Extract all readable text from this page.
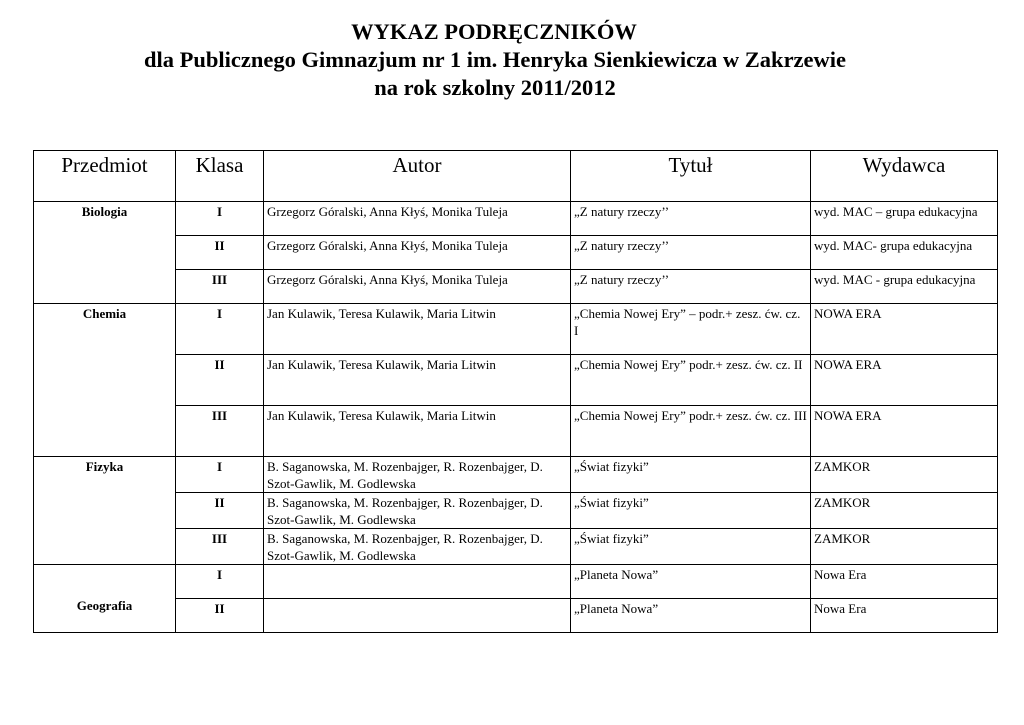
WYKAZ PODRĘCZNIKÓW
dla Publicznego Gimnazjum nr 1 im. Henryka Sienkiewicza w Zakrzewie
na rok szkolny 2011/2012
Przedmiot	Klasa	Autor	Tytuł	Wydawca
Biologia	I	Grzegorz Góralski, Anna Kłyś, Monika Tuleja	„Z natury rzeczy’’	wyd. MAC – grupa edukacyjna
	II	Grzegorz Góralski, Anna Kłyś, Monika Tuleja	„Z natury rzeczy’’	wyd. MAC- grupa edukacyjna
	III	Grzegorz Góralski, Anna Kłyś, Monika Tuleja	„Z natury rzeczy’’	wyd. MAC - grupa edukacyjna
Chemia	I	Jan Kulawik, Teresa Kulawik, Maria Litwin	„Chemia Nowej Ery” – podr.+ zesz. ćw. cz. I	NOWA ERA
	II	Jan Kulawik, Teresa Kulawik, Maria Litwin	„Chemia Nowej Ery” podr.+ zesz. ćw. cz. II	NOWA ERA
	III	Jan Kulawik, Teresa Kulawik, Maria Litwin	„Chemia Nowej Ery” podr.+ zesz. ćw. cz. III	NOWA ERA
Fizyka	I	B. Saganowska, M. Rozenbajger, R. Rozenbajger, D. Szot-Gawlik, M. Godlewska	„Świat fizyki”	ZAMKOR
	II	B. Saganowska, M. Rozenbajger, R. Rozenbajger, D. Szot-Gawlik, M. Godlewska	„Świat fizyki”	ZAMKOR
	III	B. Saganowska, M. Rozenbajger, R. Rozenbajger, D. Szot-Gawlik, M. Godlewska	„Świat fizyki”	ZAMKOR
Geografia	I		„Planeta Nowa”	Nowa Era
	II		„Planeta Nowa”	Nowa Era
